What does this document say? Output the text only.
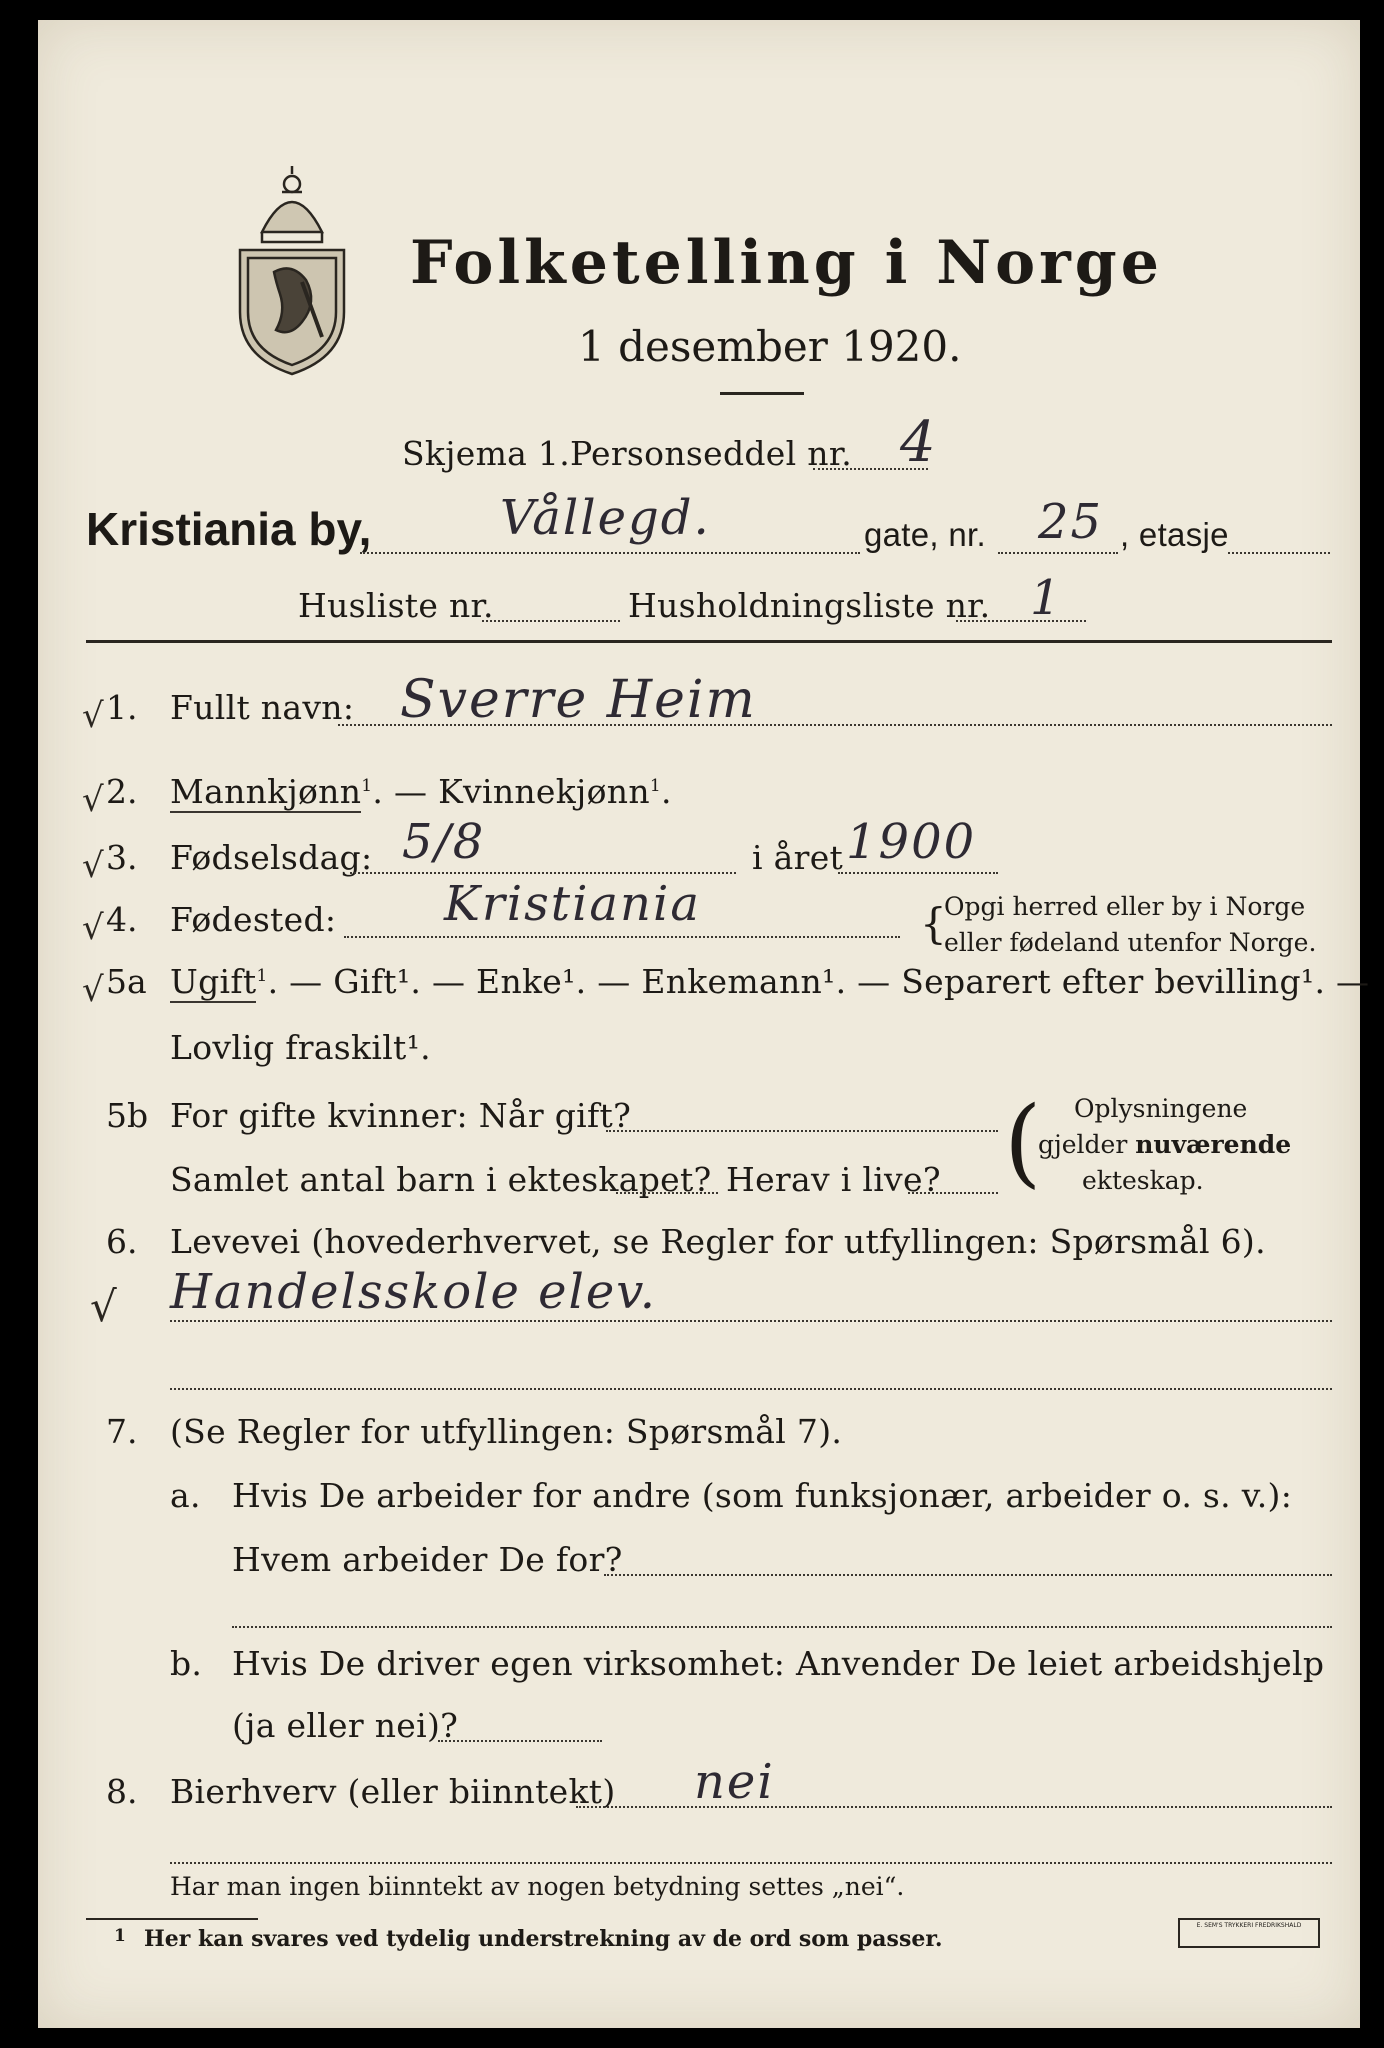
Folketelling i Norge
1 desember 1920.
Skjema 1. Personseddel nr. 4
Kristiania by,	Vållegd.	gate, nr. 25 , etasje
Husliste nr.	Husholdningsliste nr. 1
√ 1. Fullt navn: Sverre Heim
√ 2. Mannkjønn$^1$. — Kvinnekjønn$^1$.
√ 3. Fødselsdag: 5/8	i året 1900
√ 4. Fødested: Kristiania	{
Opgi herred eller by i Norge
eller fødeland utenfor Norge.
√ 5a Ugift$^1$. — Gift¹. — Enke¹. — Enkemann¹. — Separert efter bevilling¹. —
Lovlig fraskilt¹.
5b For gifte kvinner: Når gift?
Samlet antal barn i ekteskapet? Herav i live? ( Oplysningene
gjelder nuværende
ekteskap.
6. Levevei (hovederhvervet, se Regler for utfyllingen: Spørsmål 6).
√ Handelsskole elev.
7. (Se Regler for utfyllingen: Spørsmål 7).
a. Hvis De arbeider for andre (som funksjonær, arbeider o. s. v.):
Hvem arbeider De for?
b. Hvis De driver egen virksomhet: Anvender De leiet arbeidshjelp
(ja eller nei)?
8. Bierhverv (eller biinntekt) nei
Har man ingen biinntekt av nogen betydning settes „nei“.
1 Her kan svares ved tydelig understrekning av de ord som passer.
E. SEM'S TRYKKERI FREDRIKSHALD
